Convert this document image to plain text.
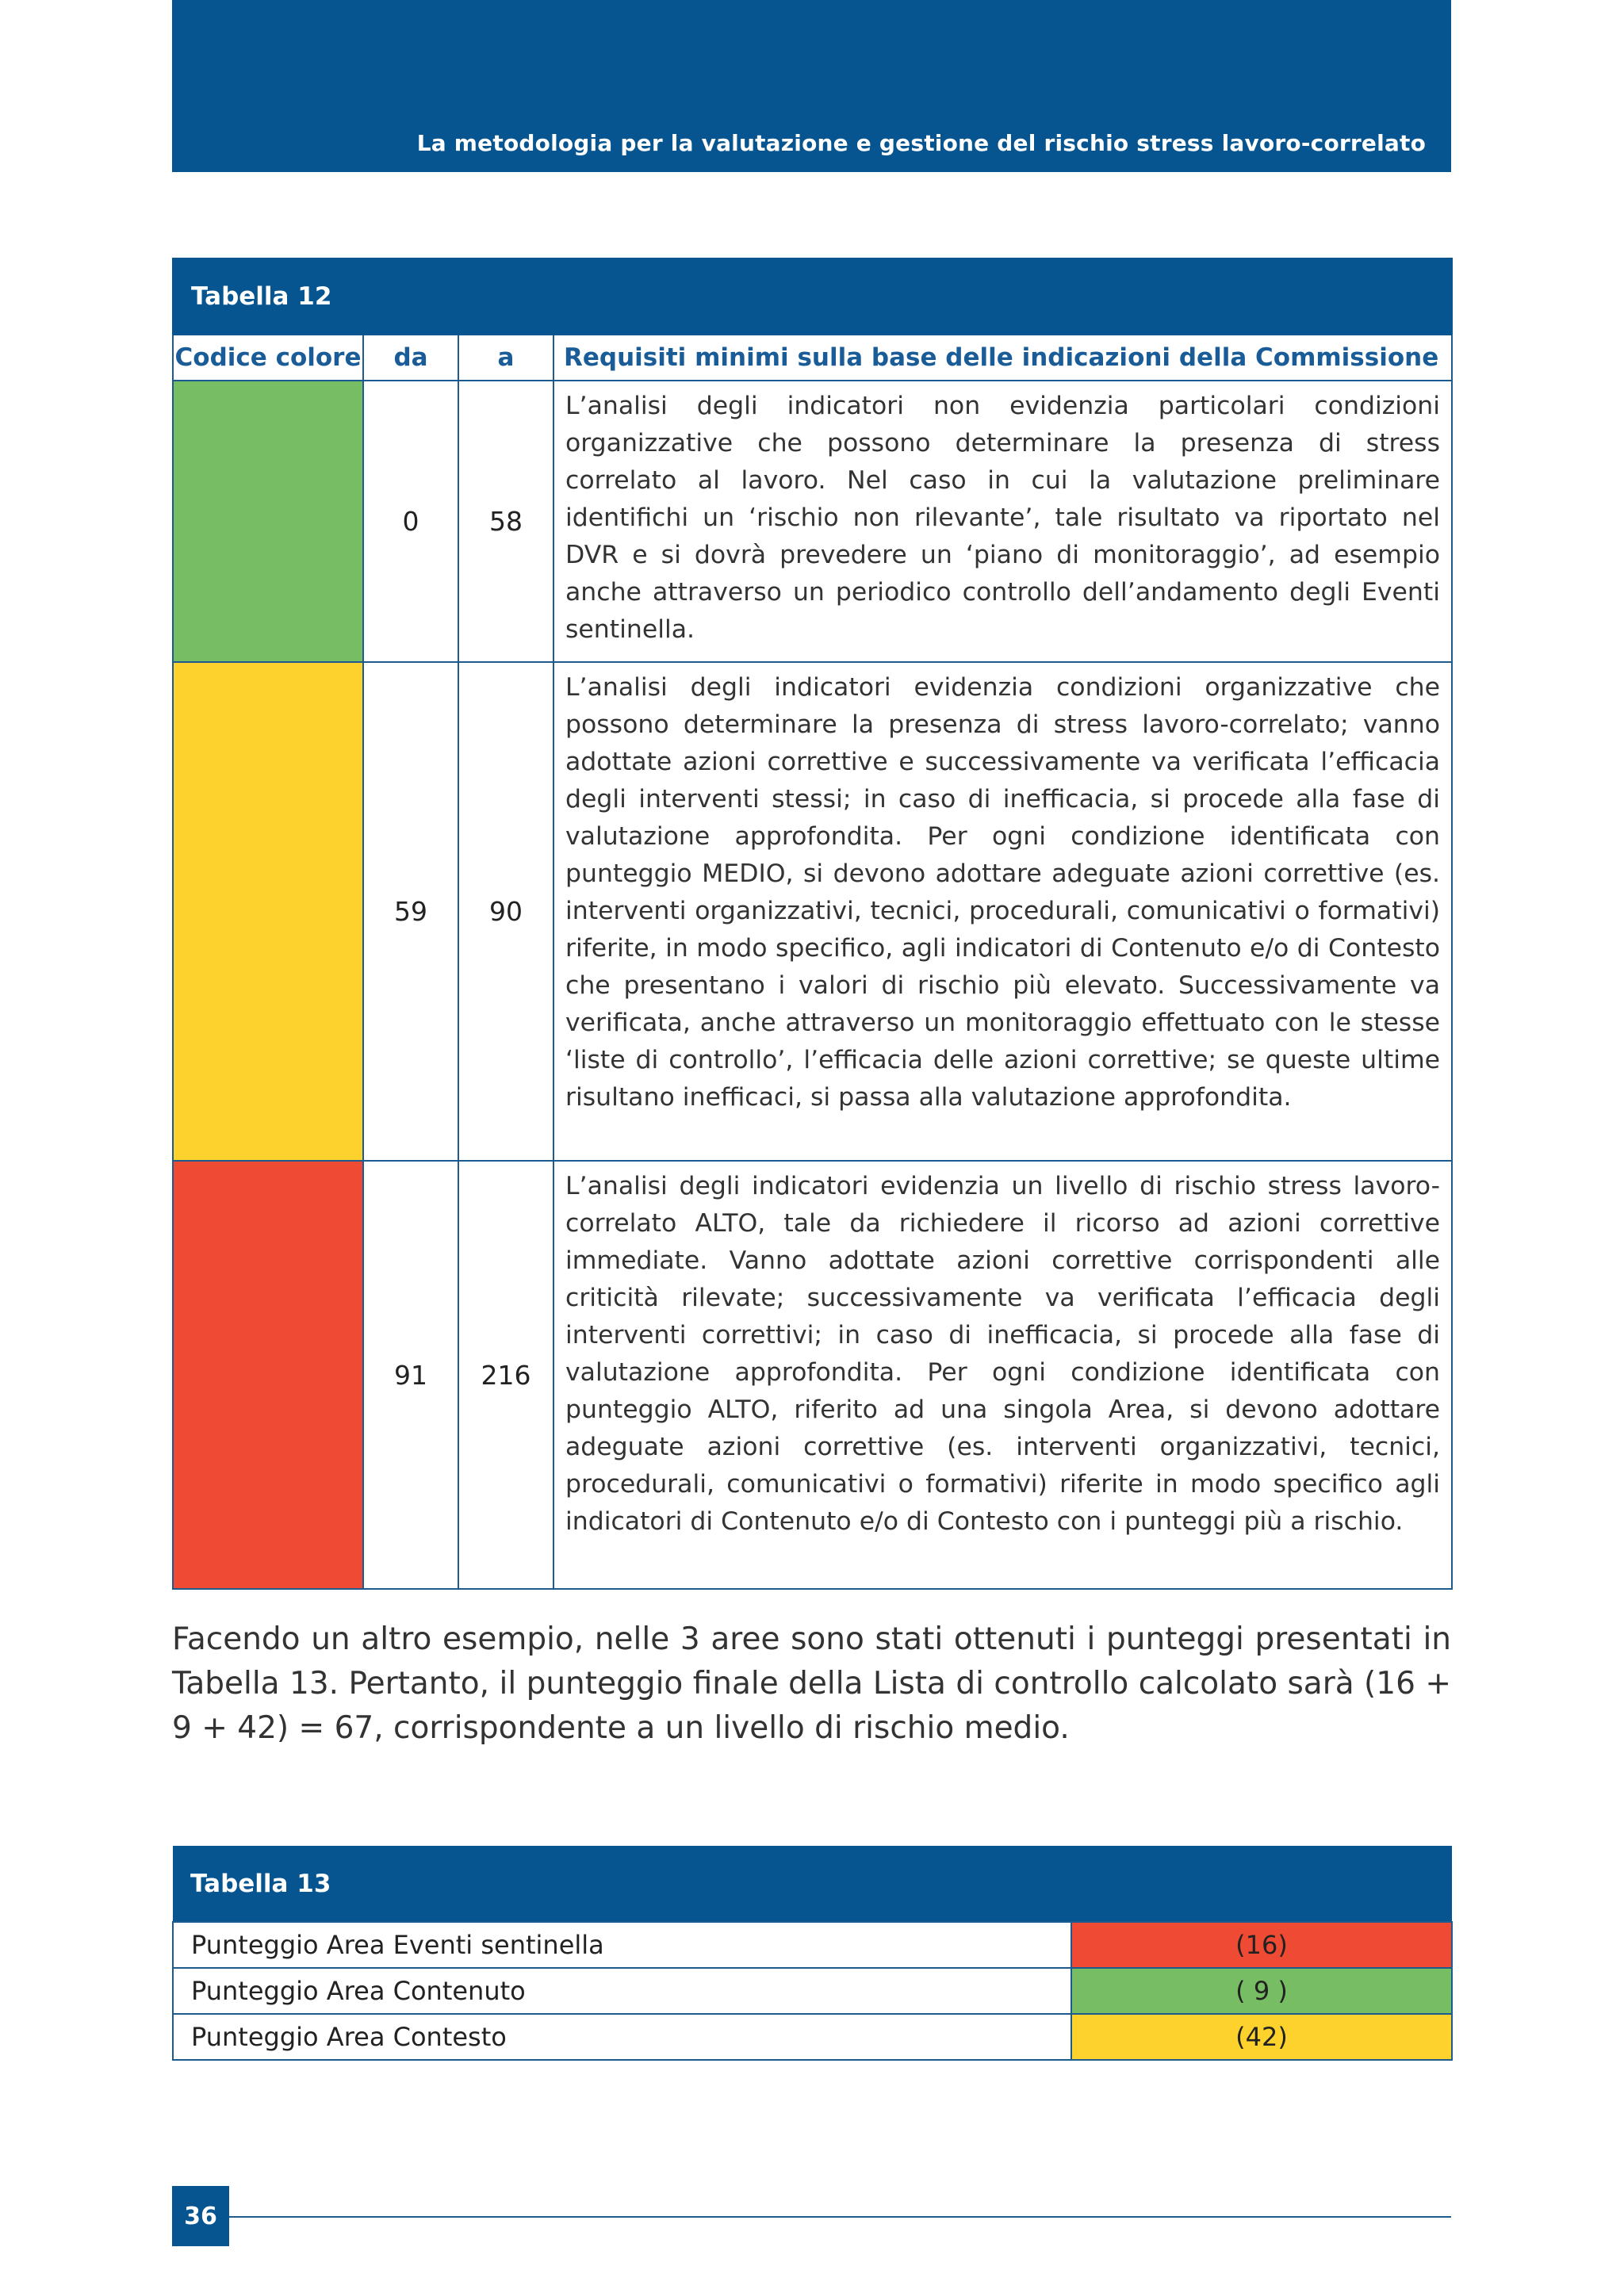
La metodologia per la valutazione e gestione del rischio stress lavoro-correlato
Tabella 12			
Codice colore	da	a	Requisiti minimi sulla base delle indicazioni della Commissione
	0	58	L’analisi degli indicatori non evidenzia particolari condizioni organizzative che possono determinare la presenza di stress correlato al lavoro. Nel caso in cui la valutazione preliminare identifichi un ‘rischio non rilevante’, tale risultato va riportato nel DVR e si dovrà prevedere un ‘piano di monitoraggio’, ad esempio anche attraverso un periodico controllo dell’andamento degli Eventi sentinella.
	59	90	L’analisi degli indicatori evidenzia condizioni organizzative che possono determinare la presenza di stress lavoro-correlato; vanno adottate azioni correttive e successivamente va verificata l’efficacia degli interventi stessi; in caso di inefficacia, si procede alla fase di valutazione approfondita. Per ogni condizione identificata con punteggio MEDIO, si devono adottare adeguate azioni correttive (es. interventi organizzativi, tecnici, procedurali, comunicativi o formativi) riferite, in modo specifico, agli indicatori di Contenuto e/o di Contesto che presentano i valori di rischio più elevato. Successivamente va verificata, anche attraverso un monitoraggio effettuato con le stesse ‘liste di controllo’, l’efficacia delle azioni correttive; se queste ultime risultano inefficaci, si passa alla valutazione approfondita.
	91	216	L’analisi degli indicatori evidenzia un livello di rischio stress lavoro-correlato ALTO, tale da richiedere il ricorso ad azioni correttive immediate. Vanno adottate azioni correttive corrispondenti alle criticità rilevate; successivamente va verificata l’efficacia degli interventi correttivi; in caso di inefficacia, si procede alla fase di valutazione approfondita. Per ogni condizione identificata con punteggio ALTO, riferito ad una singola Area, si devono adottare adeguate azioni correttive (es. interventi organizzativi, tecnici, procedurali, comunicativi o formativi) riferite in modo specifico agli indicatori di Contenuto e/o di Contesto con i punteggi più a rischio.

Facendo un altro esempio, nelle 3 aree sono stati ottenuti i punteggi presentati in Tabella 13. Pertanto, il punteggio finale della Lista di controllo calcolato sarà (16 + 9 + 42) = 67, corrispondente a un livello di rischio medio.

Tabella 13	
Punteggio Area Eventi sentinella	(16)
Punteggio Area Contenuto	( 9 )
Punteggio Area Contesto	(42)
36
